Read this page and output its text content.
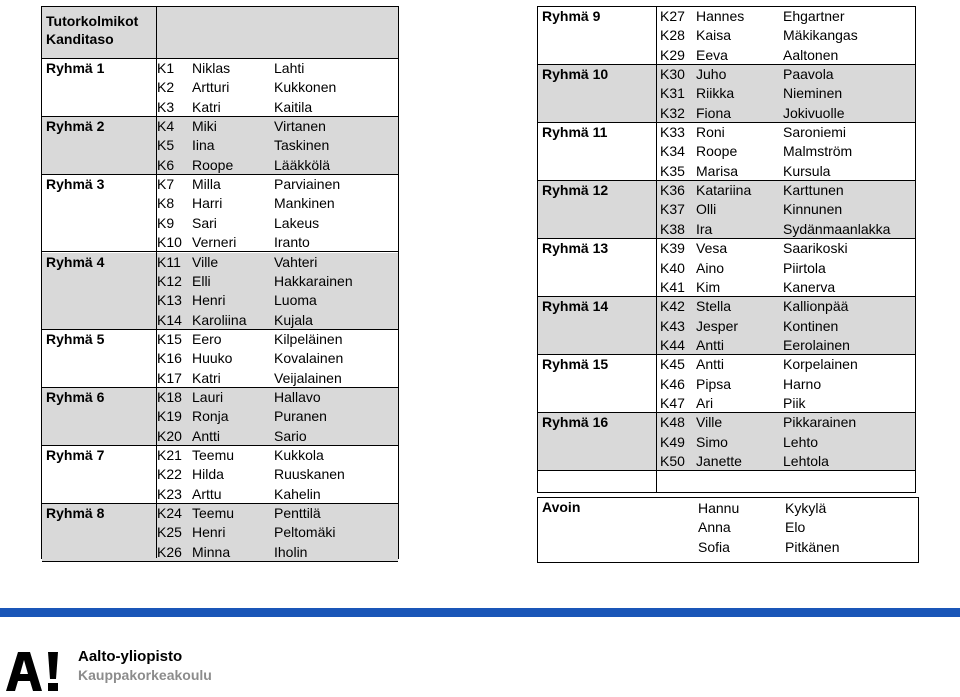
Tutorkolmikot
Kanditaso
Ryhmä 1	K1 Niklas	Lahti
K2 Artturi	Kukkonen
K3 Katri	Kaitila
Ryhmä 2	K4 Miki	Virtanen
K5 Iina	Taskinen
K6 Roope	Lääkkölä
Ryhmä 3	K7 Milla	Parviainen
K8 Harri	Mankinen
K9 Sari	Lakeus
K10 Verneri	Iranto
Ryhmä 4	K11 Ville	Vahteri
K12 Elli	Hakkarainen
K13 Henri	Luoma
K14 Karoliina Kujala
Ryhmä 5	K15 Eero	Kilpeläinen
K16 Huuko	Kovalainen
K17 Katri	Veijalainen
Ryhmä 6	K18 Lauri	Hallavo
K19 Ronja	Puranen
K20 Antti	Sario
Ryhmä 7	K21 Teemu	Kukkola
K22 Hilda	Ruuskanen
K23 Arttu	Kahelin
Ryhmä 8	K24 Teemu	Penttilä
K25 Henri	Peltomäki
K26 Minna	Iholin
Ryhmä 9	K27 Hannes	Ehgartner
K28 Kaisa	Mäkikangas
K29 Eeva	Aaltonen
Ryhmä 10	K30 Juho	Paavola
K31 Riikka	Nieminen
K32 Fiona	Jokivuolle
Ryhmä 11	K33 Roni	Saroniemi
K34 Roope	Malmström
K35 Marisa	Kursula
Ryhmä 12	K36 Katariina Karttunen
K37 Olli	Kinnunen
K38 Ira	Sydänmaanlakka
Ryhmä 13	K39 Vesa	Saarikoski
K40 Aino	Piirtola
K41 Kim	Kanerva
Ryhmä 14	K42 Stella	Kallionpää
K43 Jesper	Kontinen
K44 Antti	Eerolainen
Ryhmä 15	K45 Antti	Korpelainen
K46 Pipsa	Harno
K47 Ari	Piik
Ryhmä 16	K48 Ville	Pikkarainen
K49 Simo	Lehto
K50 Janette	Lehtola
Avoin	Hannu	Kykylä
Anna	Elo
Sofia	Pitkänen
Aalto-yliopisto
Kauppakorkeakoulu
